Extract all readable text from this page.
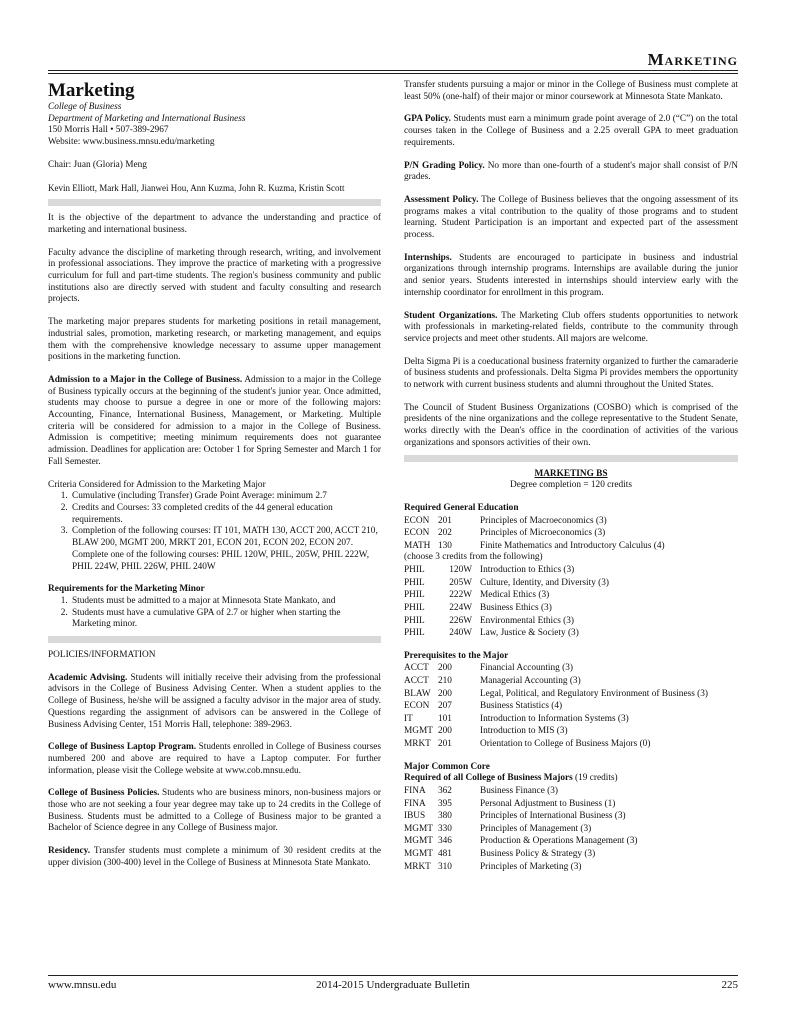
Marketing
Marketing

College of Business

Department of Marketing and International Business

150 Morris Hall • 507-389-2967

Website: www.business.mnsu.edu/marketing

Chair: Juan (Gloria) Meng

Kevin Elliott, Mark Hall, Jianwei Hou, Ann Kuzma, John R. Kuzma, Kristin Scott

It is the objective of the department to advance the understanding and practice of marketing and international business.

Faculty advance the discipline of marketing through research, writing, and involvement in professional associations. They improve the practice of marketing with a progressive curriculum for full and part-time students. The region's business community and public institutions also are directly served with student and faculty consulting and research projects.

The marketing major prepares students for marketing positions in retail management, industrial sales, promotion, marketing research, or marketing management, and equips them with the comprehensive knowledge necessary to assume upper management positions in the marketing function.

Admission to a Major in the College of Business. Admission to a major in the College of Business typically occurs at the beginning of the student's junior year. Once admitted, students may choose to pursue a degree in one or more of the following majors: Accounting, Finance, International Business, Management, or Marketing. Multiple criteria will be considered for admission to a major in the College of Business. Admission is competitive; meeting minimum requirements does not guarantee admission. Deadlines for application are: October 1 for Spring Semester and March 1 for Fall Semester.

Criteria Considered for Admission to the Marketing Major

1. Cumulative (including Transfer) Grade Point Average: minimum 2.7
2. Credits and Courses: 33 completed credits of the 44 general education requirements.
3. Completion of the following courses: IT 101, MATH 130, ACCT 200, ACCT 210, BLAW 200, MGMT 200, MRKT 201, ECON 201, ECON 202, ECON 207. Complete one of the following courses: PHIL 120W, PHIL, 205W, PHIL 222W, PHIL 224W, PHIL 226W, PHIL 240W

Requirements for the Marketing Minor

1. Students must be admitted to a major at Minnesota State Mankato, and
2. Students must have a cumulative GPA of 2.7 or higher when starting the Marketing minor.

POLICIES/INFORMATION

Academic Advising. Students will initially receive their advising from the professional advisors in the College of Business Advising Center. When a student applies to the College of Business, he/she will be assigned a faculty advisor in the major area of study. Questions regarding the assignment of advisors can be answered in the College of Business Advising Center, 151 Morris Hall, telephone: 389-2963.

College of Business Laptop Program. Students enrolled in College of Business courses numbered 200 and above are required to have a Laptop computer. For further information, please visit the College website at www.cob.mnsu.edu.

College of Business Policies. Students who are business minors, non-business majors or those who are not seeking a four year degree may take up to 24 credits in the College of Business. Students must be admitted to a College of Business major to be granted a Bachelor of Science degree in any College of Business major.

Residency. Transfer students must complete a minimum of 30 resident credits at the upper division (300-400) level in the College of Business at Minnesota State Mankato.

Transfer students pursuing a major or minor in the College of Business must complete at least 50% (one-half) of their major or minor coursework at Minnesota State Mankato.

GPA Policy. Students must earn a minimum grade point average of 2.0 (“C”) on the total courses taken in the College of Business and a 2.25 overall GPA to meet graduation requirements.

P/N Grading Policy. No more than one-fourth of a student's major shall consist of P/N grades.

Assessment Policy. The College of Business believes that the ongoing assessment of its programs makes a vital contribution to the quality of those programs and to student learning. Student Participation is an important and expected part of the assessment process.

Internships. Students are encouraged to participate in business and industrial organizations through internship programs. Internships are available during the junior and senior years. Students interested in internships should interview early with the internship coordinator for enrollment in this program.

Student Organizations. The Marketing Club offers students opportunities to network with professionals in marketing-related fields, contribute to the community through service projects and meet other students. All majors are welcome.

Delta Sigma Pi is a coeducational business fraternity organized to further the camaraderie of business students and professionals. Delta Sigma Pi provides members the opportunity to network with current business students and alumni throughout the United States.

The Council of Student Business Organizations (COSBO) which is comprised of the presidents of the nine organizations and the college representative to the Student Senate, works directly with the Dean's office in the coordination of activities of the various organizations and sponsors activities of their own.

MARKETING BS
Degree completion = 120 credits

Required General Education

ECON 201	Principles of Macroeconomics (3)
ECON 202	Principles of Microeconomics (3)
MATH 130	Finite Mathematics and Introductory Calculus (4)

(choose 3 credits from the following)

PHIL	120W Introduction to Ethics (3)
PHIL	205W Culture, Identity, and Diversity (3)
PHIL	222W Medical Ethics (3)
PHIL	224W Business Ethics (3)
PHIL	226W Environmental Ethics (3)
PHIL	240W Law, Justice & Society (3)

Prerequisites to the Major

ACCT 200	Financial Accounting (3)
ACCT 210	Managerial Accounting (3)
BLAW 200	Legal, Political, and Regulatory Environment of Business (3)
ECON 207	Business Statistics (4)
IT	101	Introduction to Information Systems (3)
MGMT 200	Introduction to MIS (3)
MRKT 201	Orientation to College of Business Majors (0)

Major Common Core

Required of all College of Business Majors (19 credits)

FINA	362	Business Finance (3)
FINA	395	Personal Adjustment to Business (1)
IBUS	380	Principles of International Business (3)
MGMT 330	Principles of Management (3)
MGMT 346	Production & Operations Management (3)
MGMT 481	Business Policy & Strategy (3)
MRKT 310	Principles of Marketing (3)
www.mnsu.edu	2014-2015 Undergraduate Bulletin	225
